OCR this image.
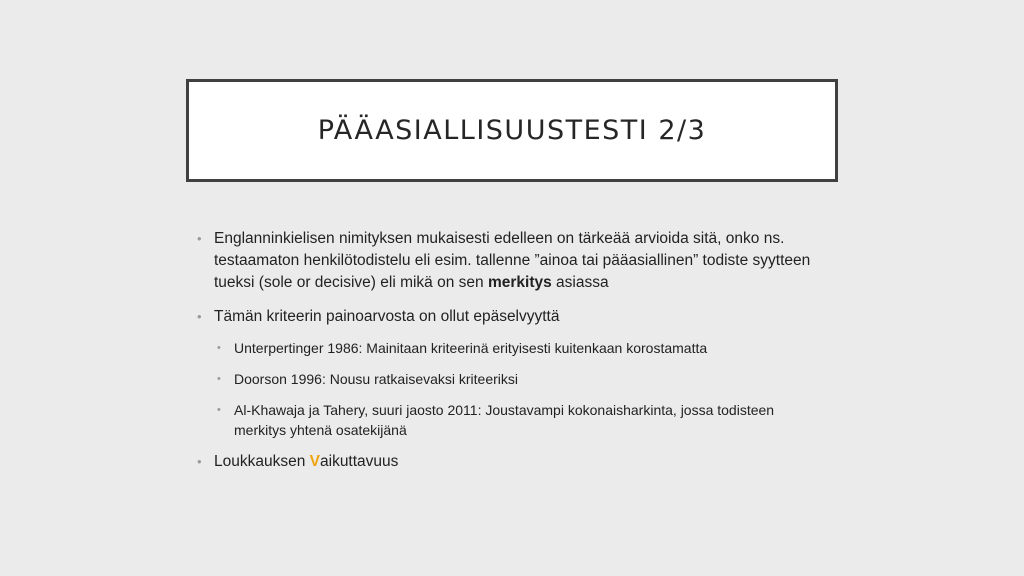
PÄÄASIALLISUUSTESTI 2/3
• Englanninkielisen nimityksen mukaisesti edelleen on tärkeää arvioida sitä, onko ns. testaamaton henkilötodistelu eli esim. tallenne ”ainoa tai pääasiallinen” todiste syytteen tueksi (sole or decisive) eli mikä on sen merkitys asiassa
• Tämän kriteerin painoarvosta on ollut epäselvyyttä
• Unterpertinger 1986: Mainitaan kriteerinä erityisesti kuitenkaan korostamatta
• Doorson 1996: Nousu ratkaisevaksi kriteeriksi
• Al-Khawaja ja Tahery, suuri jaosto 2011: Joustavampi kokonaisharkinta, jossa todisteen merkitys yhtenä osatekijänä
• Loukkauksen Vaikuttavuus
